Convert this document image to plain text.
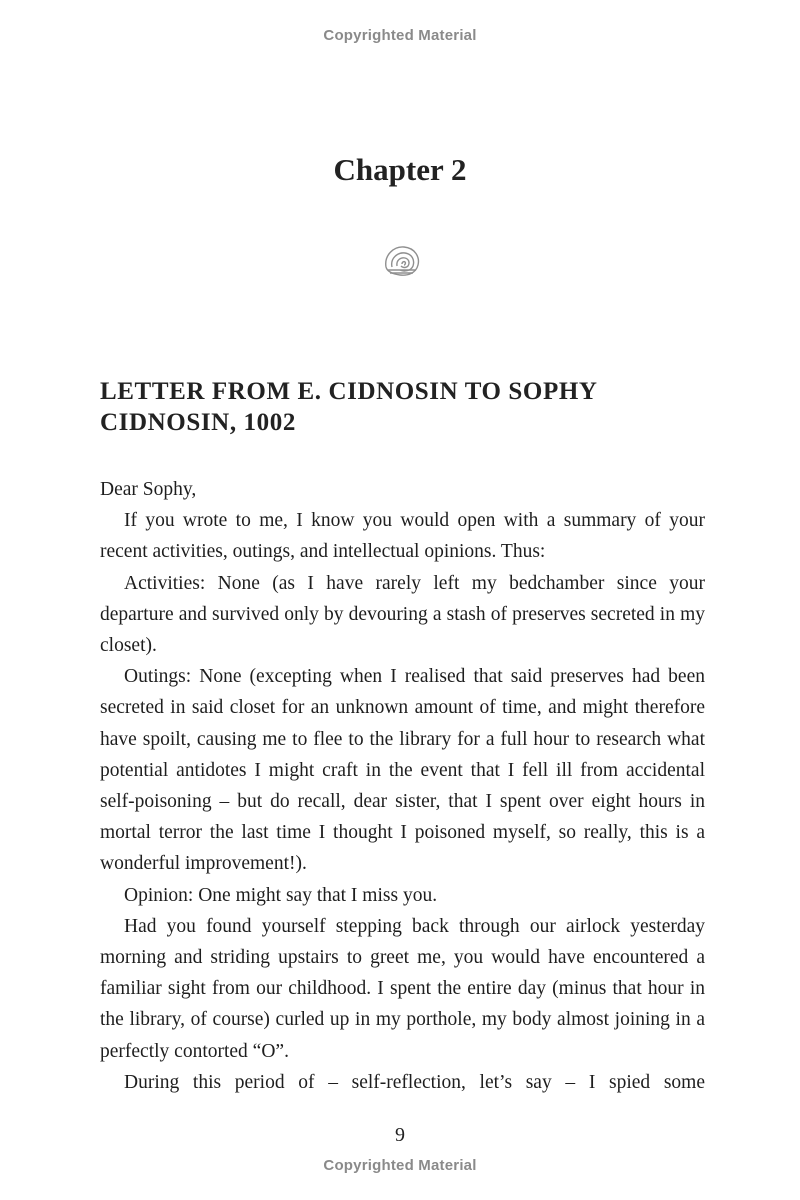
Copyrighted Material
Chapter 2
LETTER FROM E. CIDNOSIN TO SOPHY CIDNOSIN, 1002

Dear Sophy,

If you wrote to me, I know you would open with a summary of your recent activities, outings, and intellectual opinions. Thus:

Activities: None (as I have rarely left my bedchamber since your departure and survived only by devouring a stash of preserves secreted in my closet).

Outings: None (excepting when I realised that said preserves had been secreted in said closet for an unknown amount of time, and might therefore have spoilt, causing me to flee to the library for a full hour to research what potential antidotes I might craft in the event that I fell ill from accidental self-poisoning – but do recall, dear sister, that I spent over eight hours in mortal terror the last time I thought I poisoned myself, so really, this is a wonderful improvement!).

Opinion: One might say that I miss you.

Had you found yourself stepping back through our airlock yesterday morning and striding upstairs to greet me, you would have encountered a familiar sight from our childhood. I spent the entire day (minus that hour in the library, of course) curled up in my porthole, my body almost joining in a perfectly contorted “O”.

During this period of – self-reflection, let’s say – I spied some

9
Copyrighted Material
